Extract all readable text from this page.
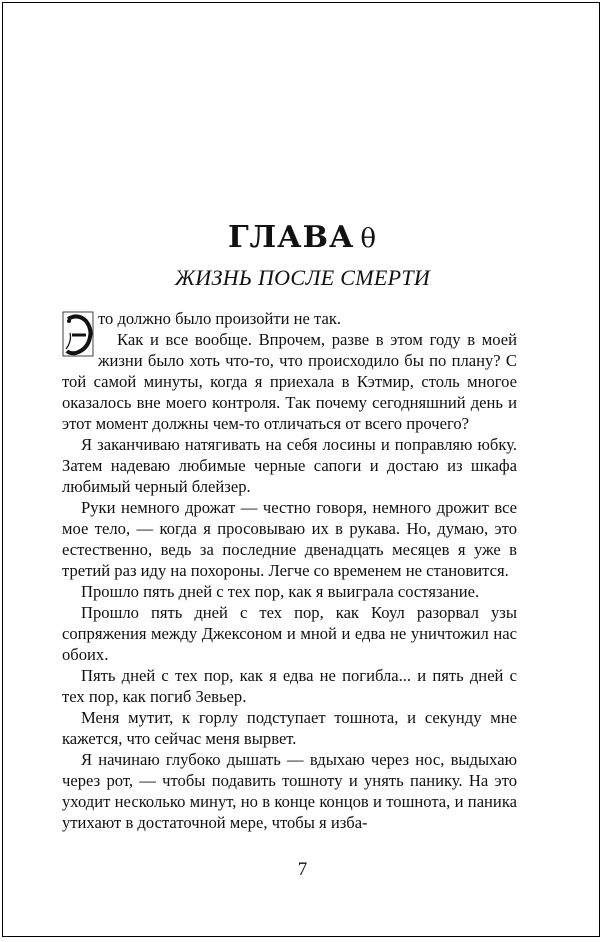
ГЛАВА θ
ЖИЗНЬ ПОСЛЕ СМЕРТИ

Э
то должно было произойти не так.

Как и все вообще. Впрочем, разве в этом году в моей жизни было хоть что-то, что происходило бы по плану? С той самой минуты, когда я приехала в Кэтмир, столь многое оказалось вне моего контроля. Так почему сегодняшний день и этот момент должны чем-то отличаться от всего прочего?

Я заканчиваю натягивать на себя лосины и поправляю юбку. Затем надеваю любимые черные сапоги и достаю из шкафа любимый черный блейзер.

Руки немного дрожат — честно говоря, немного дрожит все мое тело, — когда я просовываю их в рукава. Но, думаю, это естественно, ведь за последние двенадцать месяцев я уже в третий раз иду на похороны. Легче со временем не становится.

Прошло пять дней с тех пор, как я выиграла состязание.

Прошло пять дней с тех пор, как Коул разорвал узы сопряжения между Джексоном и мной и едва не уничтожил нас обоих.

Пять дней с тех пор, как я едва не погибла... и пять дней с тех пор, как погиб Зевьер.

Меня мутит, к горлу подступает тошнота, и секунду мне кажется, что сейчас меня вырвет.

Я начинаю глубоко дышать — вдыхаю через нос, выдыхаю через рот, — чтобы подавить тошноту и унять панику. На это уходит несколько минут, но в конце концов и тошнота, и паника утихают в достаточной мере, чтобы я изба-

7
